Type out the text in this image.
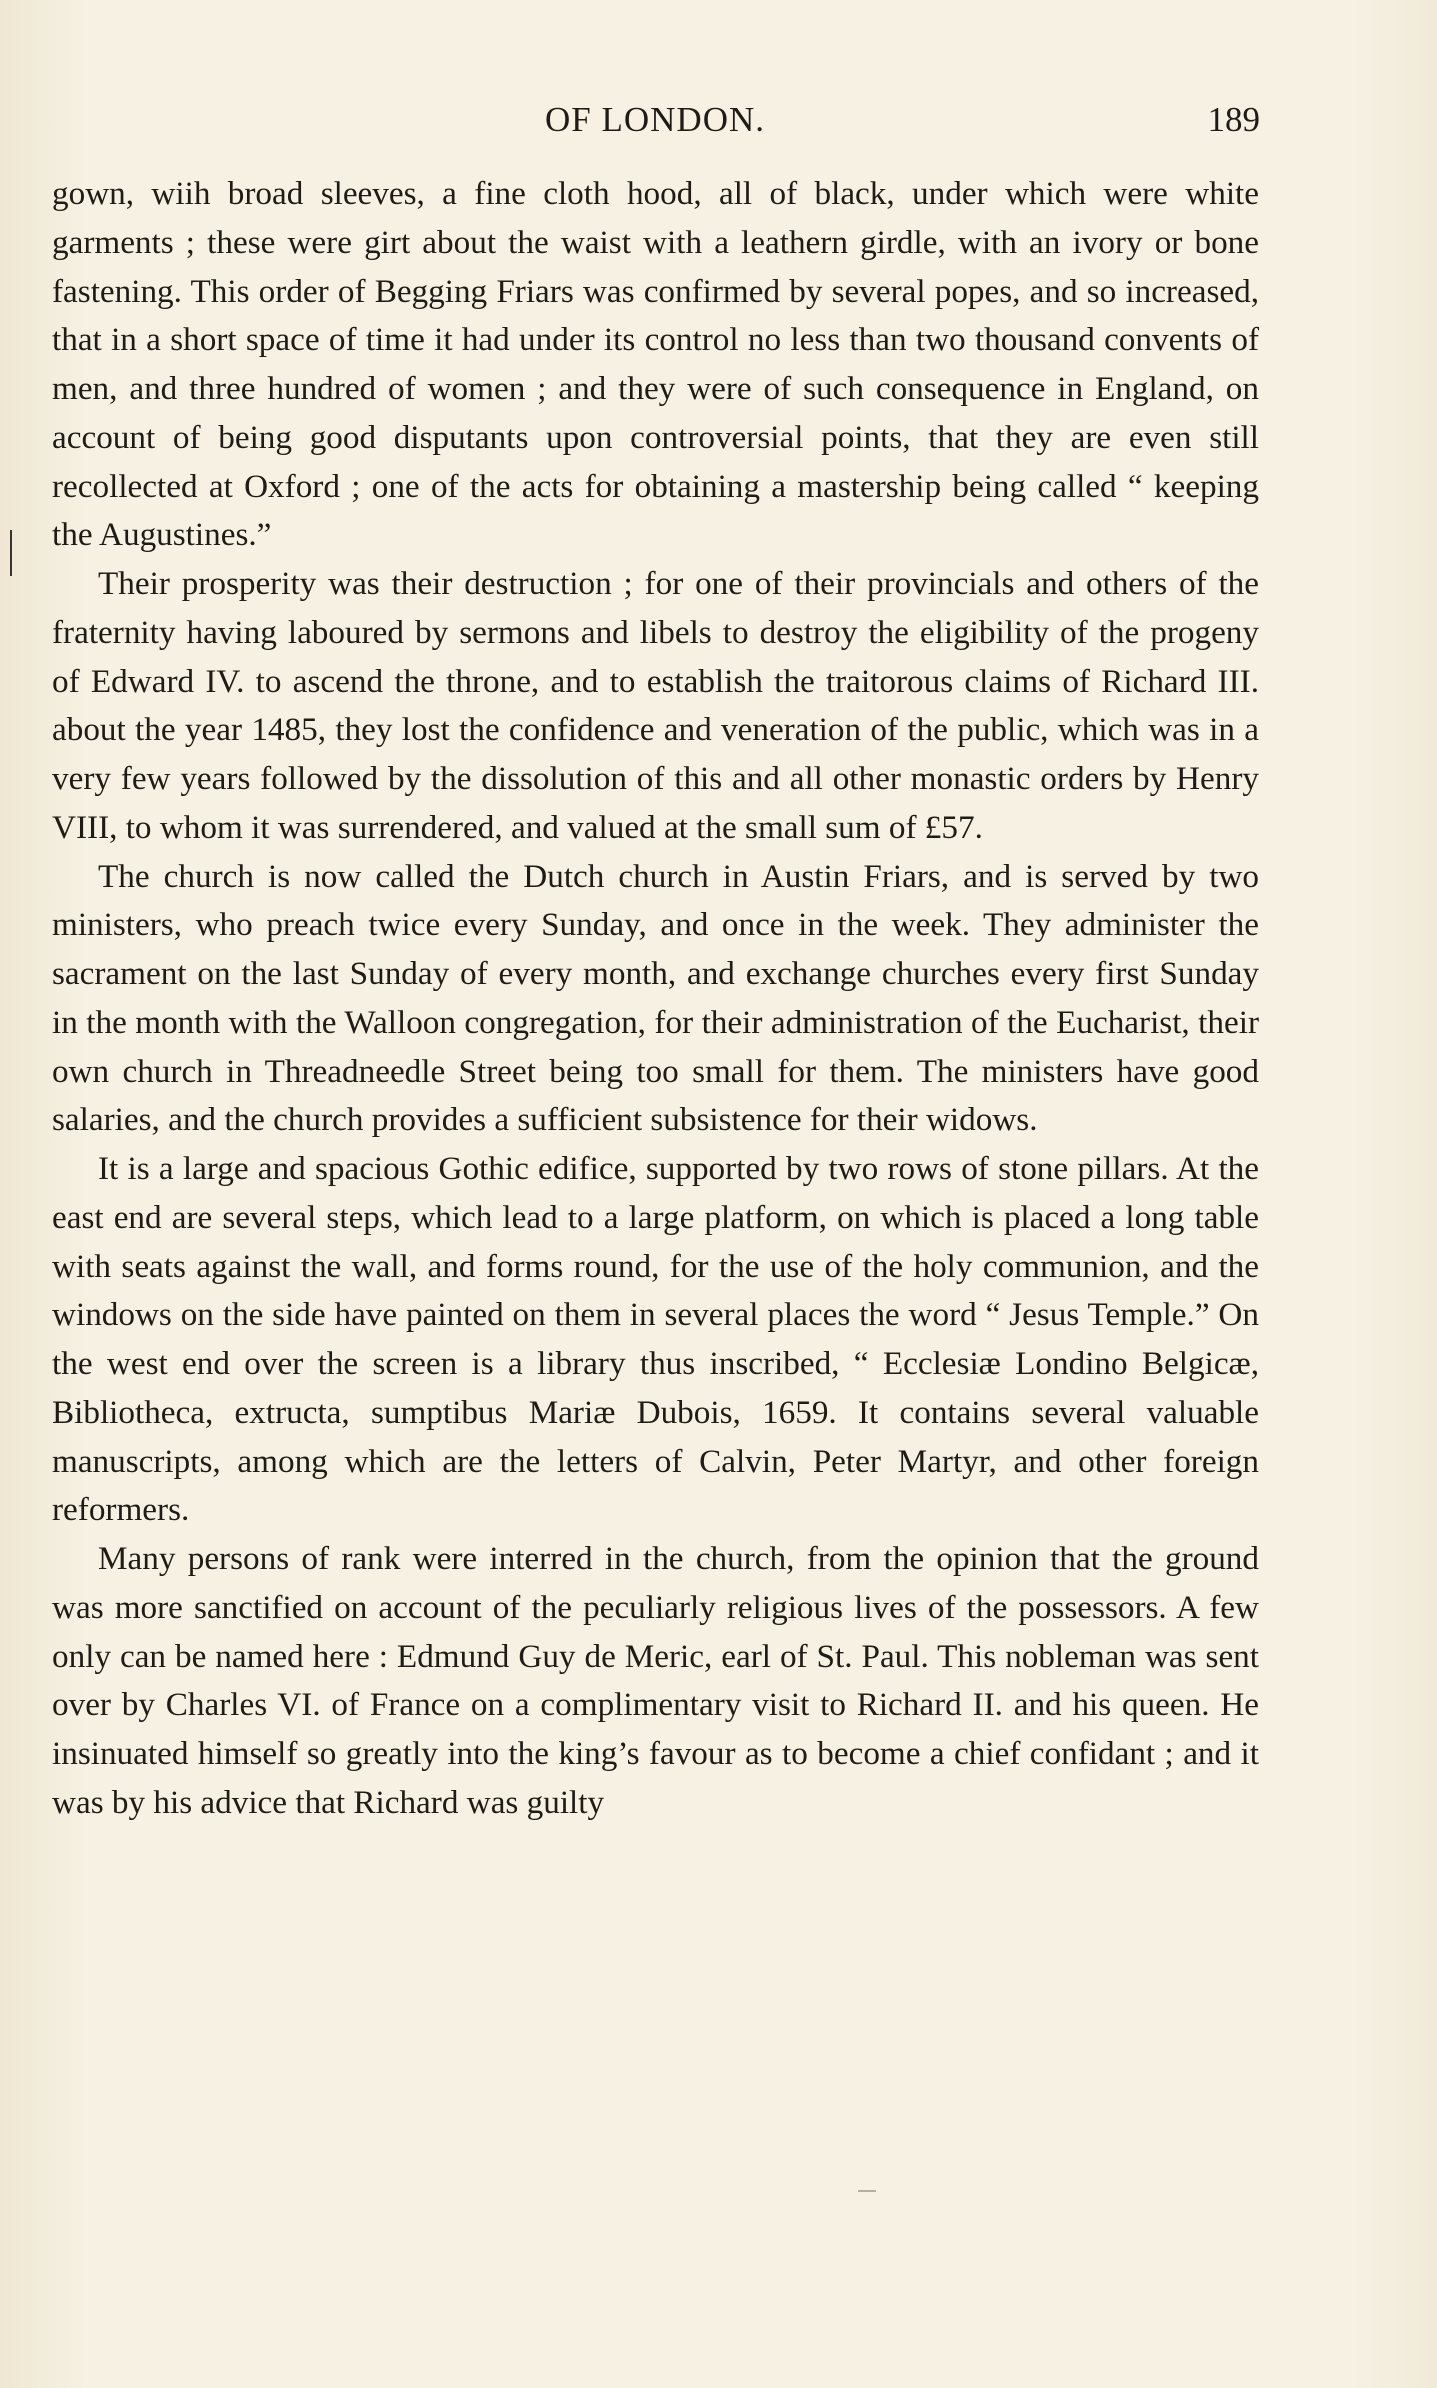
OF LONDON.	189

gown, wiih broad sleeves, a fine cloth hood, all of black, under which were white garments ; these were girt about the waist with a leathern girdle, with an ivory or bone fastening. This order of Begging Friars was confirmed by several popes, and so increased, that in a short space of time it had under its control no less than two thousand convents of men, and three hundred of women ; and they were of such consequence in England, on account of being good disputants upon controversial points, that they are even still recollected at Oxford ; one of the acts for obtaining a mastership being called “ keeping the Augustines.”

Their prosperity was their destruction ; for one of their provincials and others of the fraternity having laboured by sermons and libels to destroy the eligibility of the progeny of Edward IV. to ascend the throne, and to establish the traitorous claims of Richard III. about the year 1485, they lost the confidence and veneration of the public, which was in a very few years followed by the dissolution of this and all other monastic orders by Henry VIII, to whom it was surrendered, and valued at the small sum of £57.

The church is now called the Dutch church in Austin Friars, and is served by two ministers, who preach twice every Sunday, and once in the week. They administer the sacrament on the last Sunday of every month, and exchange churches every first Sunday in the month with the Walloon congregation, for their administration of the Eucharist, their own church in Threadneedle Street being too small for them. The ministers have good salaries, and the church provides a sufficient subsistence for their widows.

It is a large and spacious Gothic edifice, supported by two rows of stone pillars. At the east end are several steps, which lead to a large platform, on which is placed a long table with seats against the wall, and forms round, for the use of the holy communion, and the windows on the side have painted on them in several places the word “ Jesus Temple.” On the west end over the screen is a library thus inscribed, “ Ecclesiæ Londino Belgicæ, Bibliotheca, extructa, sumptibus Mariæ Dubois, 1659. It contains several valuable manuscripts, among which are the letters of Calvin, Peter Martyr, and other foreign reformers.

Many persons of rank were interred in the church, from the opinion that the ground was more sanctified on account of the peculiarly religious lives of the possessors. A few only can be named here : Edmund Guy de Meric, earl of St. Paul. This nobleman was sent over by Charles VI. of France on a complimentary visit to Richard II. and his queen. He insinuated himself so greatly into the king’s favour as to become a chief confidant ; and it was by his advice that Richard was guilty
